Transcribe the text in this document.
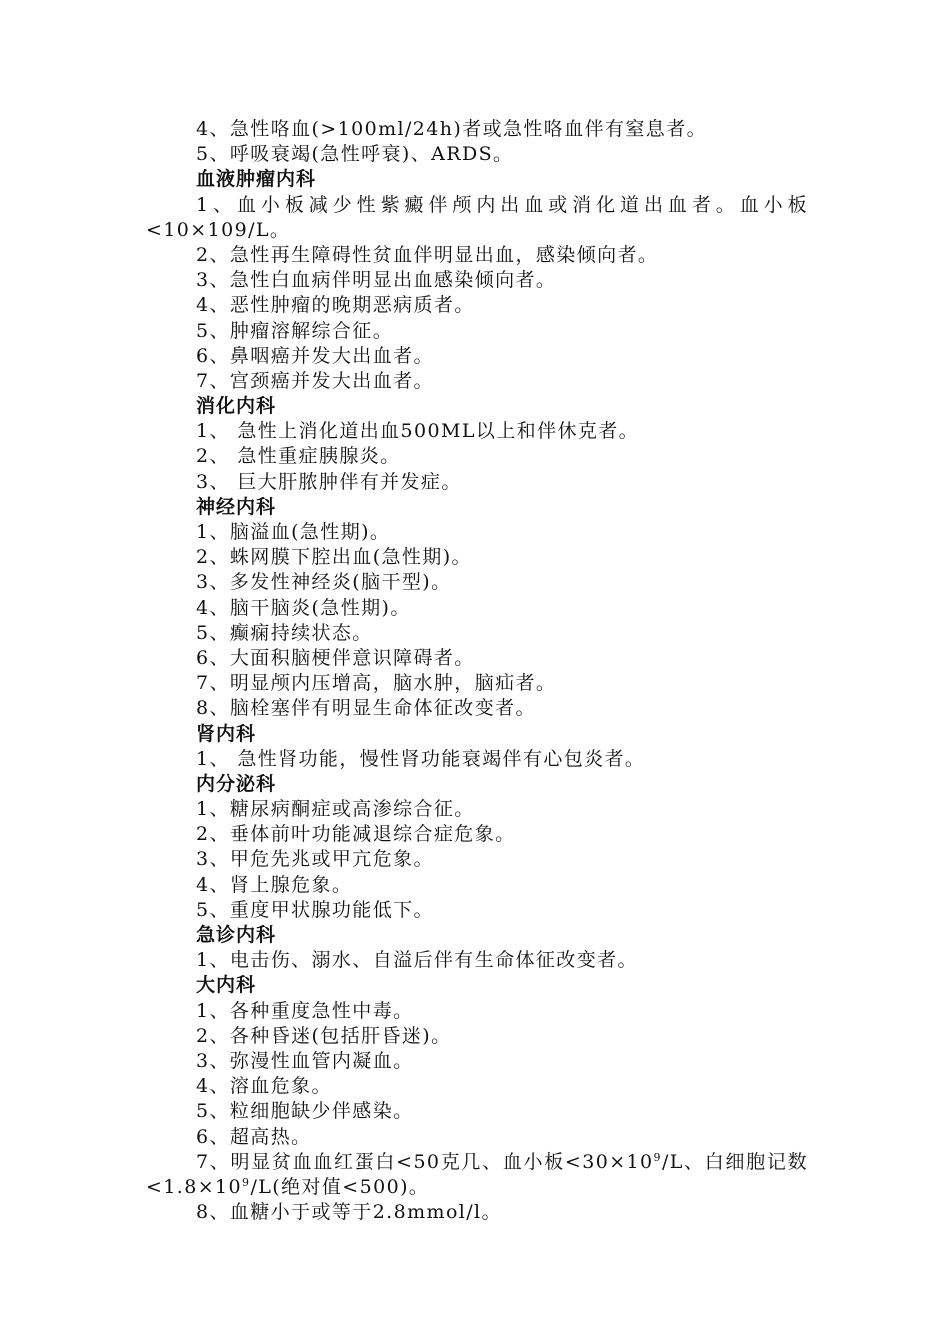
4、急性咯血(>100ml/24h)者或急性咯血伴有窒息者。
5、呼吸衰竭(急性呼衰)、ARDS。
血液肿瘤内科
1、血小板减少性紫癜伴颅内出血或消化道出血者。血小板
<10×109/L。
2、急性再生障碍性贫血伴明显出血，感染倾向者。
3、急性白血病伴明显出血感染倾向者。
4、恶性肿瘤的晚期恶病质者。
5、肿瘤溶解综合征。
6、鼻咽癌并发大出血者。
7、宫颈癌并发大出血者。
消化内科
1、 急性上消化道出血500ML以上和伴休克者。
2、 急性重症胰腺炎。
3、 巨大肝脓肿伴有并发症。
神经内科
1、脑溢血(急性期)。
2、蛛网膜下腔出血(急性期)。
3、多发性神经炎(脑干型)。
4、脑干脑炎(急性期)。
5、癫痫持续状态。
6、大面积脑梗伴意识障碍者。
7、明显颅内压增高，脑水肿，脑疝者。
8、脑栓塞伴有明显生命体征改变者。
肾内科
1、 急性肾功能，慢性肾功能衰竭伴有心包炎者。
内分泌科
1、糖尿病酮症或高渗综合征。
2、垂体前叶功能减退综合症危象。
3、甲危先兆或甲亢危象。
4、肾上腺危象。
5、重度甲状腺功能低下。
急诊内科
1、电击伤、溺水、自溢后伴有生命体征改变者。
大内科
1、各种重度急性中毒。
2、各种昏迷(包括肝昏迷)。
3、弥漫性血管内凝血。
4、溶血危象。
5、粒细胞缺少伴感染。
6、超高热。
7、明显贫血血红蛋白<50克几、血小板$<30\times 10^9/L$、白细胞记数
$<1.8\times 10^9/L$(绝对值<500)。
8、血糖小于或等于2.8mmol/l。
